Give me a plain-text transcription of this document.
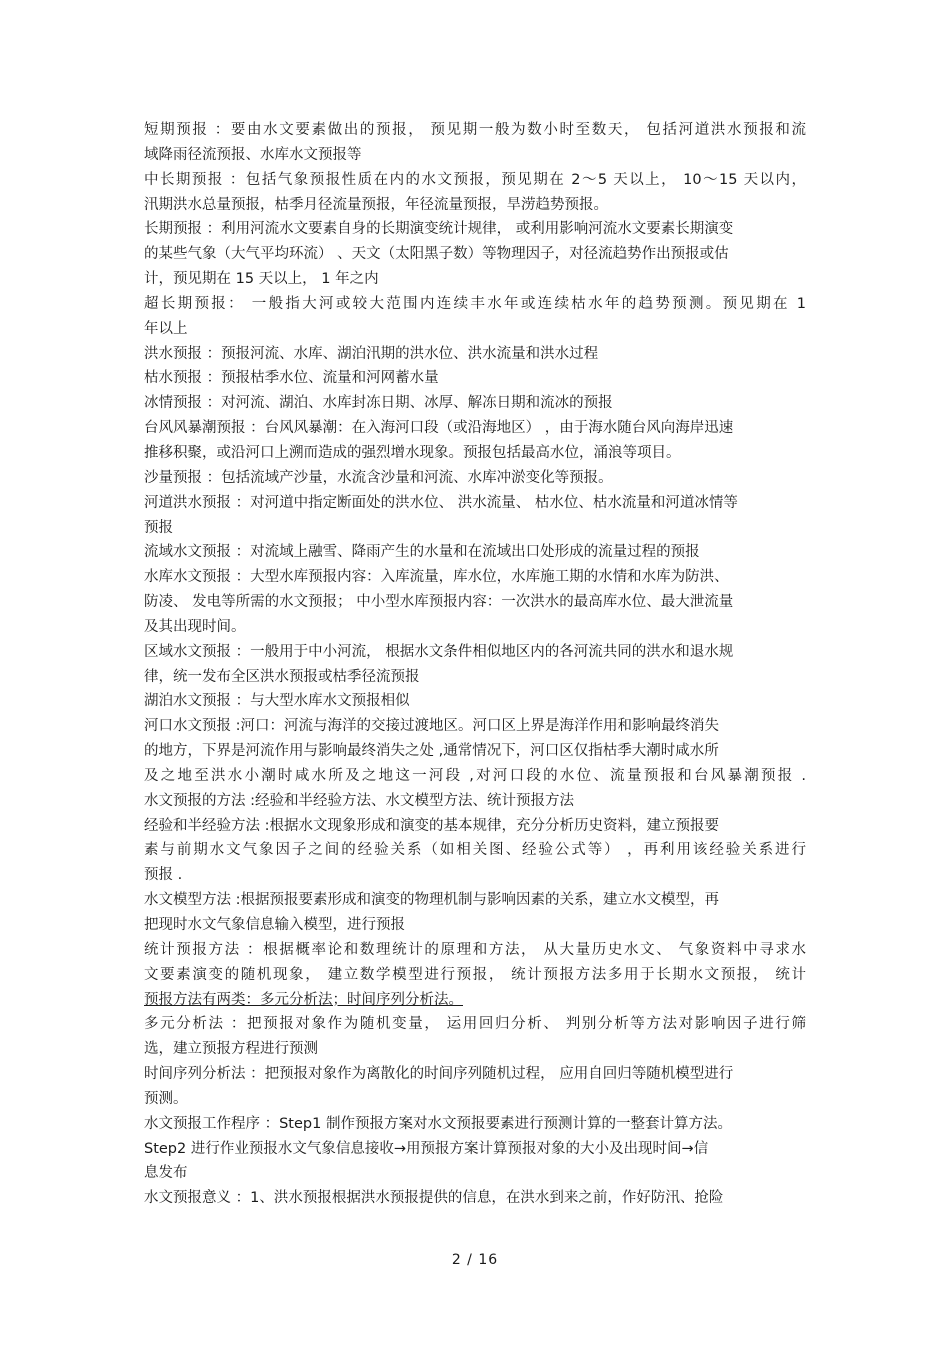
短期预报 ：要由水文要素做出的预报， 预见期一般为数小时至数天， 包括河道洪水预报和流
域降雨径流预报、水库水文预报等
中长期预报 ：包括气象预报性质在内的水文预报，预见期在 2～5 天以上， 10～15 天以内，
汛期洪水总量预报，枯季月径流量预报，年径流量预报，旱涝趋势预报。
长期预报 ：利用河流水文要素自身的长期演变统计规律， 或利用影响河流水文要素长期演变
的某些气象（大气平均环流） 、天文（太阳黑子数）等物理因子，对径流趋势作出预报或估
计，预见期在 15 天以上， 1 年之内
超长期预报： 一般指大河或较大范围内连续丰水年或连续枯水年的趋势预测。预见期在 1
年以上
洪水预报 ：预报河流、水库、湖泊汛期的洪水位、洪水流量和洪水过程
枯水预报 ：预报枯季水位、流量和河网蓄水量
冰情预报 ：对河流、湖泊、水库封冻日期、冰厚、解冻日期和流冰的预报
台风风暴潮预报 ：台风风暴潮：在入海河口段（或沿海地区） ，由于海水随台风向海岸迅速
推移积聚，或沿河口上溯而造成的强烈增水现象。预报包括最高水位，涌浪等项目。
沙量预报 ：包括流域产沙量，水流含沙量和河流、水库冲淤变化等预报。
河道洪水预报 ：对河道中指定断面处的洪水位、 洪水流量、 枯水位、枯水流量和河道冰情等
预报
流域水文预报 ：对流域上融雪、降雨产生的水量和在流域出口处形成的流量过程的预报
水库水文预报 ：大型水库预报内容：入库流量，库水位，水库施工期的水情和水库为防洪、
防凌、 发电等所需的水文预报； 中小型水库预报内容：一次洪水的最高库水位、最大泄流量
及其出现时间。
区域水文预报 ：一般用于中小河流， 根据水文条件相似地区内的各河流共同的洪水和退水规
律，统一发布全区洪水预报或枯季径流预报
湖泊水文预报 ：与大型水库水文预报相似
河口水文预报 :河口：河流与海洋的交接过渡地区。河口区上界是海洋作用和影响最终消失
的地方，下界是河流作用与影响最终消失之处 ,通常情况下，河口区仅指枯季大潮时咸水所
及之地至洪水小潮时咸水所及之地这一河段 ,对河口段的水位、流量预报和台风暴潮预报 .
水文预报的方法 :经验和半经验方法、水文模型方法、统计预报方法
经验和半经验方法 :根据水文现象形成和演变的基本规律，充分分析历史资料，建立预报要
素与前期水文气象因子之间的经验关系（如相关图、经验公式等） ，再利用该经验关系进行
预报 .
水文模型方法 :根据预报要素形成和演变的物理机制与影响因素的关系，建立水文模型，再
把现时水文气象信息输入模型，进行预报
统计预报方法 ：根据概率论和数理统计的原理和方法， 从大量历史水文、 气象资料中寻求水
文要素演变的随机现象， 建立数学模型进行预报， 统计预报方法多用于长期水文预报， 统计
预报方法有两类：多元分析法；时间序列分析法。
多元分析法 ：把预报对象作为随机变量， 运用回归分析、 判别分析等方法对影响因子进行筛
选，建立预报方程进行预测
时间序列分析法 ：把预报对象作为离散化的时间序列随机过程， 应用自回归等随机模型进行
预测。
水文预报工作程序 ：Step1 制作预报方案对水文预报要素进行预测计算的一整套计算方法。
Step2 进行作业预报水文气象信息接收→用预报方案计算预报对象的大小及出现时间→信
息发布
水文预报意义 ：1、洪水预报根据洪水预报提供的信息，在洪水到来之前，作好防汛、抢险
2 / 16
